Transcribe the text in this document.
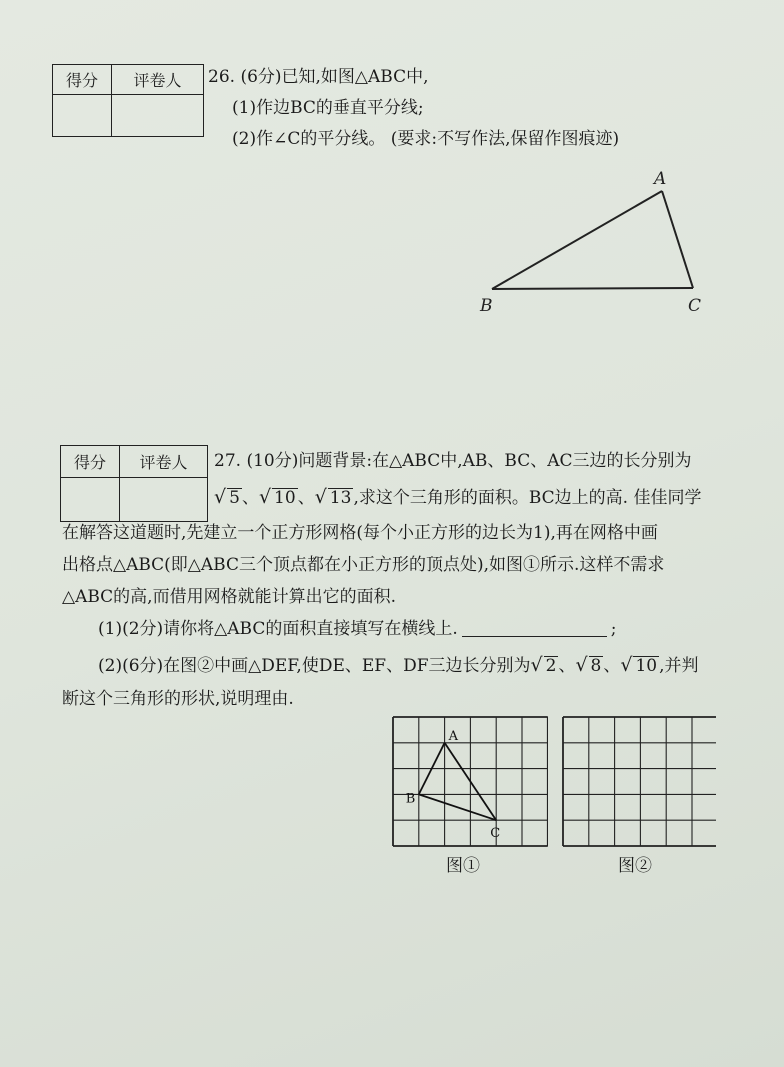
得分	评卷人
	26. (6分)已知,如图△ABC中,
(1)作边BC的垂直平分线;
(2)作∠C的平分线。 (要求:不写作法,保留作图痕迹)
A
B	C
得分	评卷人
	27. (10分)问题背景:在△ABC中,AB、BC、AC三边的长分别为
√ 5 、√ 10 、√ 13 ,求这个三角形的面积。BC边上的高. 佳佳同学
在解答这道题时,先建立一个正方形网格(每个小正方形的边长为1),再在网格中画
出格点△ABC(即△ABC三个顶点都在小正方形的顶点处),如图①所示.这样不需求
△ABC的高,而借用网格就能计算出它的面积.
(1)(2分)请你将△ABC的面积直接填写在横线上.	;
(2)(6分)在图②中画△DEF,使DE、EF、DF三边长分别为√ 2 、√ 8 、√ 10 ,并判
断这个三角形的形状,说明理由.
A
B
C
图①	图②
